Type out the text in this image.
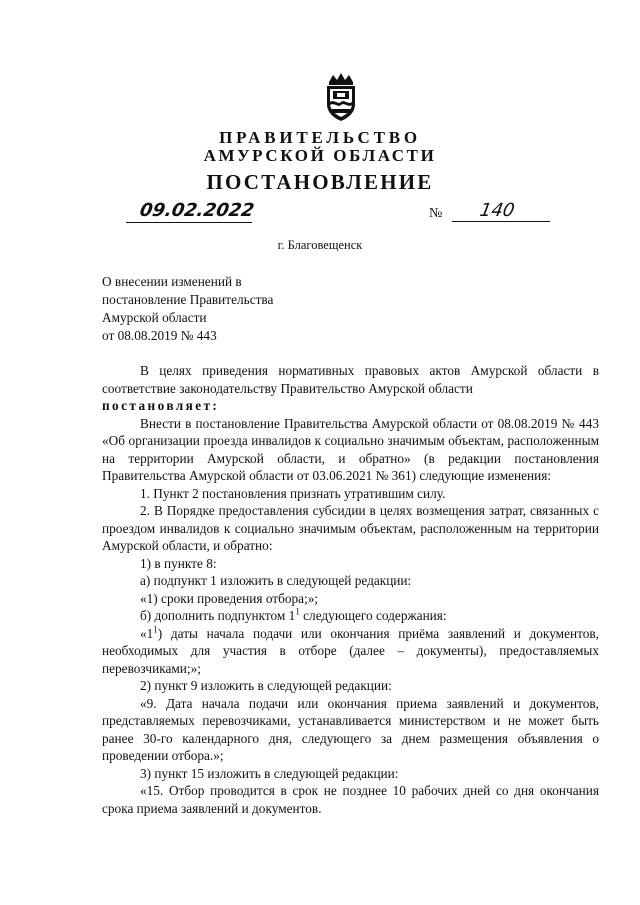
ПРАВИТЕЛЬСТВО
АМУРСКОЙ ОБЛАСТИ
ПОСТАНОВЛЕНИЕ
09.02.2022	№ 140
г. Благовещенск
О внесении изменений в
постановление Правительства
Амурской области
от 08.08.2019 № 443
В целях приведения нормативных правовых актов Амурской области в соответствие законодательству Правительство Амурской области
постановляет:
Внести в постановление Правительства Амурской области от 08.08.2019 № 443 «Об организации проезда инвалидов к социально значимым объектам, расположенным на территории Амурской области, и обратно» (в редакции постановления Правительства Амурской области от 03.06.2021 № 361) следующие изменения:
1. Пункт 2 постановления признать утратившим силу.
2. В Порядке предоставления субсидии в целях возмещения затрат, связанных с проездом инвалидов к социально значимым объектам, расположенным на территории Амурской области, и обратно:
1) в пункте 8:
а) подпункт 1 изложить в следующей редакции:
«1) сроки проведения отбора;»;
б) дополнить подпунктом $1^1$ следующего содержания:
«$1^1$) даты начала подачи или окончания приёма заявлений и документов, необходимых для участия в отборе (далее – документы), предоставляемых перевозчиками;»;
2) пункт 9 изложить в следующей редакции:
«9. Дата начала подачи или окончания приема заявлений и документов, представляемых перевозчиками, устанавливается министерством и не может быть ранее 30-го календарного дня, следующего за днем размещения объявления о проведении отбора.»;
3) пункт 15 изложить в следующей редакции:
«15. Отбор проводится в срок не позднее 10 рабочих дней со дня окончания срока приема заявлений и документов.
